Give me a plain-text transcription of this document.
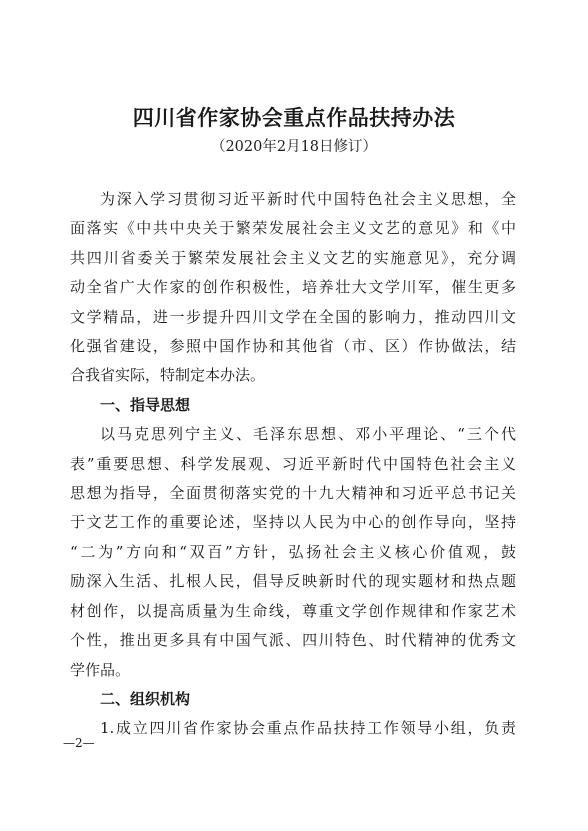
四川省作家协会重点作品扶持办法
（2020年2月18日修订）
为深入学习贯彻习近平新时代中国特色社会主义思想，全
面落实《中共中央关于繁荣发展社会主义文艺的意见》和《中
共四川省委关于繁荣发展社会主义文艺的实施意见》，充分调
动全省广大作家的创作积极性，培养壮大文学川军，催生更多
文学精品，进一步提升四川文学在全国的影响力，推动四川文
化强省建设，参照中国作协和其他省（市、区）作协做法，结
合我省实际，特制定本办法。
一、指导思想
以马克思列宁主义、毛泽东思想、邓小平理论、“三个代
表”重要思想、科学发展观、习近平新时代中国特色社会主义
思想为指导，全面贯彻落实党的十九大精神和习近平总书记关
于文艺工作的重要论述，坚持以人民为中心的创作导向，坚持
“二为”方向和“双百”方针，弘扬社会主义核心价值观，鼓
励深入生活、扎根人民，倡导反映新时代的现实题材和热点题
材创作，以提高质量为生命线，尊重文学创作规律和作家艺术
个性，推出更多具有中国气派、四川特色、时代精神的优秀文
学作品。
二、组织机构
1.成立四川省作家协会重点作品扶持工作领导小组，负责
—2—
